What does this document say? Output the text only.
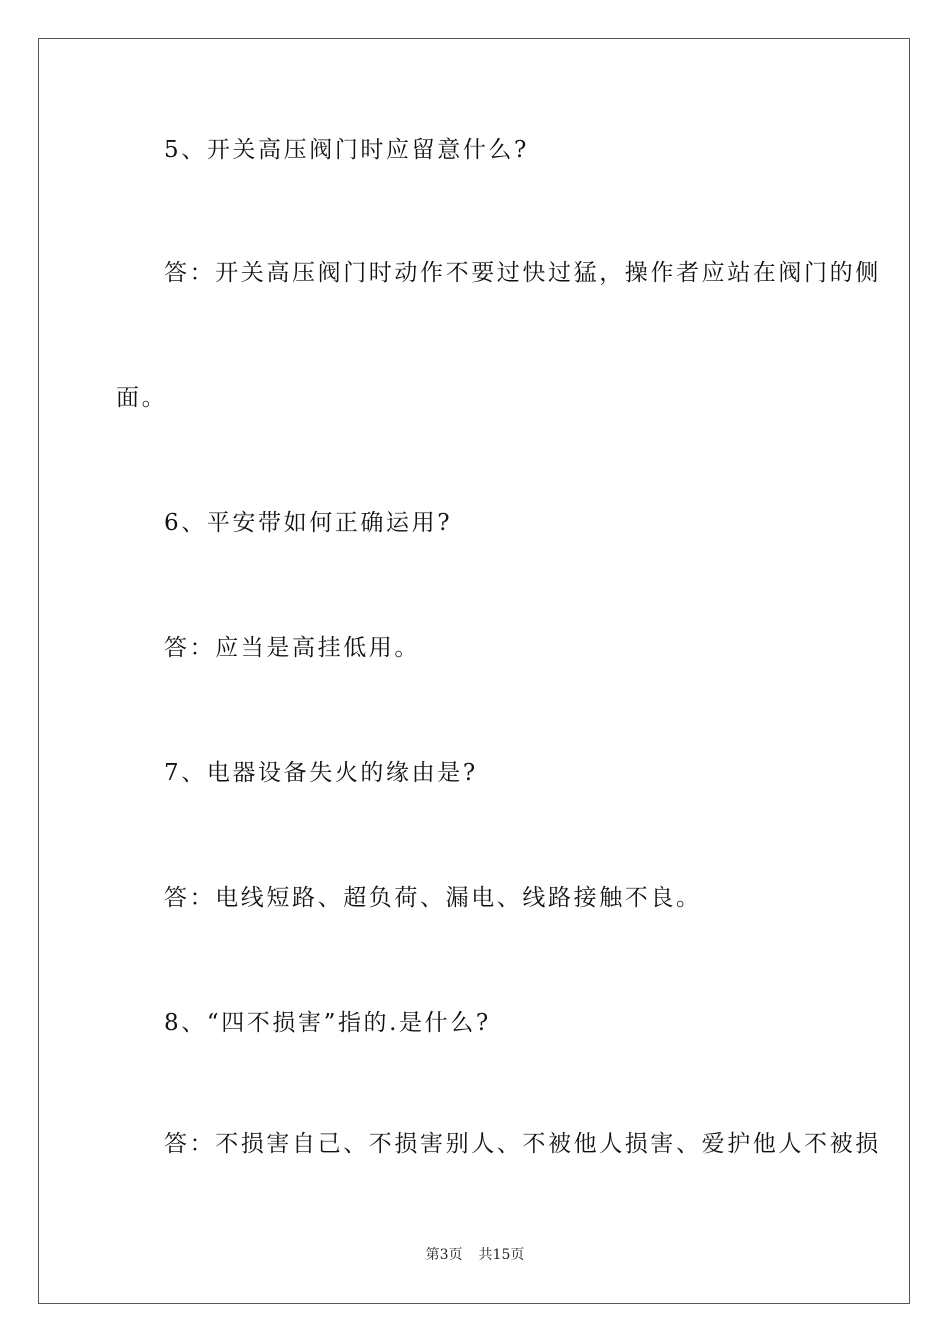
5、开关高压阀门时应留意什么?
答：开关高压阀门时动作不要过快过猛，操作者应站在阀门的侧
面。
6、平安带如何正确运用?
答：应当是高挂低用。
7、电器设备失火的缘由是?
答：电线短路、超负荷、漏电、线路接触不良。
8、“四不损害”指的.是什么?
答：不损害自己、不损害别人、不被他人损害、爱护他人不被损
第3页 共15页
